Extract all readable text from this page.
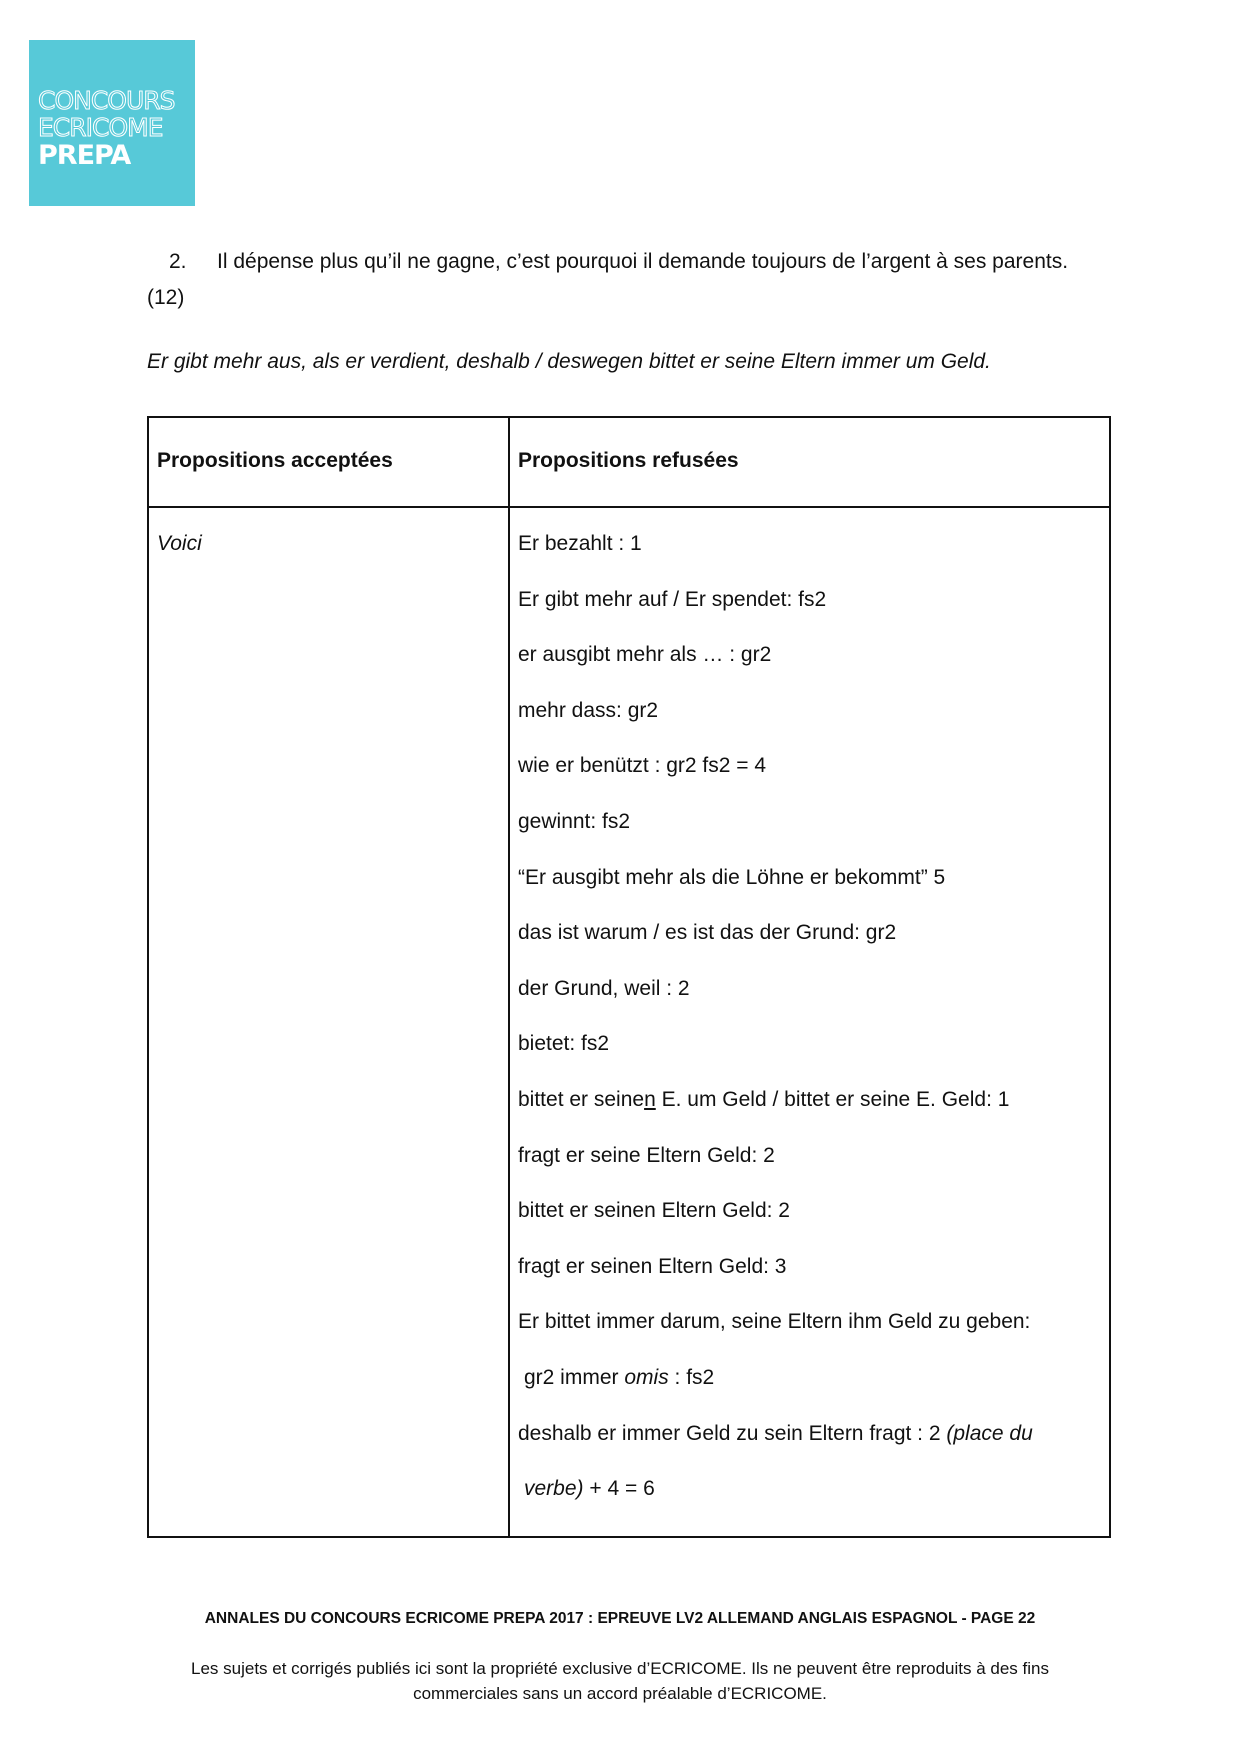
CONCOURS
ECRICOME
PREPA
2. Il dépense plus qu’il ne gagne, c’est pourquoi il demande toujours de l’argent à ses parents.
(12)
Er gibt mehr aus, als er verdient, deshalb / deswegen bittet er seine Eltern immer um Geld.
Propositions acceptées	Propositions refusées
Voici	Er bezahlt : 1
Er gibt mehr auf / Er spendet: fs2
er ausgibt mehr als … : gr2
mehr dass: gr2
wie er benützt : gr2 fs2 = 4
gewinnt: fs2
“Er ausgibt mehr als die Löhne er bekommt” 5
das ist warum / es ist das der Grund: gr2
der Grund, weil : 2
bietet: fs2
bittet er seinen E. um Geld / bittet er seine E. Geld: 1
fragt er seine Eltern Geld: 2
bittet er seinen Eltern Geld: 2
fragt er seinen Eltern Geld: 3
Er bittet immer darum, seine Eltern ihm Geld zu geben:
gr2 immer omis : fs2
deshalb er immer Geld zu sein Eltern fragt : 2 (place du
verbe) + 4 = 6
ANNALES DU CONCOURS ECRICOME PREPA 2017 : EPREUVE LV2 ALLEMAND ANGLAIS ESPAGNOL - PAGE 22
Les sujets et corrigés publiés ici sont la propriété exclusive d’ECRICOME. Ils ne peuvent être reproduits à des fins commerciales sans un accord préalable d’ECRICOME.
